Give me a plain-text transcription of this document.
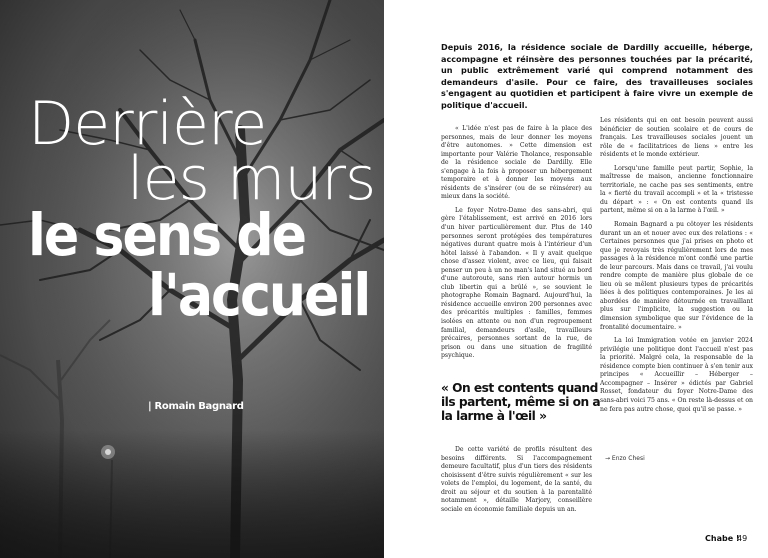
Derrière
les murs
le sens de
l'accueil
| Romain Bagnard
Depuis 2016, la résidence sociale de Dardilly accueille, héberge, accompagne et réinsère des personnes touchées par la précarité, un public extrêmement varié qui comprend notamment des demandeurs d'asile. Pour ce faire, des travailleuses sociales s'engagent au quotidien et participent à faire vivre un exemple de politique d'accueil.

« L'idée n'est pas de faire à la place des personnes, mais de leur donner les moyens d'être autonomes. » Cette dimension est importante pour Valérie Tholance, responsable de la résidence sociale de Dardilly. Elle s'engage à la fois à proposer un hébergement temporaire et à donner les moyens aux résidents de s'insérer (ou de se réinsérer) au mieux dans la société.

Le foyer Notre-Dame des sans-abri, qui gère l'établissement, est arrivé en 2016 lors d'un hiver particulièrement dur. Plus de 140 personnes seront protégées des températures négatives durant quatre mois à l'intérieur d'un hôtel laissé à l'abandon. « Il y avait quelque chose d'assez violent, avec ce lieu, qui faisait penser un peu à un no man's land situé au bord d'une autoroute, sans rien autour hormis un club libertin qui a brûlé », se souvient le photographe Romain Bagnard. Aujourd'hui, la résidence accueille environ 200 personnes avec des précarités multiples : familles, femmes isolées en attente ou non d'un regroupement familial, demandeurs d'asile, travailleurs précaires, personnes sortant de la rue, de prison ou dans une situation de fragilité psychique.

« On est contents quand ils partent, même si on a la larme à l'œil »

De cette variété de profils résultent des besoins différents. Si l'accompagnement demeure facultatif, plus d'un tiers des résidents choisissent d'être suivis régulièrement « sur les volets de l'emploi, du logement, de la santé, du droit au séjour et du soutien à la parentalité notamment », détaille Marjory, conseillère sociale en économie familiale depuis un an.

Les résidents qui en ont besoin peuvent aussi bénéficier de soutien scolaire et de cours de français. Les travailleuses sociales jouent un rôle de « facilitatrices de liens » entre les résidents et le monde extérieur.

Lorsqu'une famille peut partir, Sophie, la maîtresse de maison, ancienne fonctionnaire territoriale, ne cache pas ses sentiments, entre la « fierté du travail accompli » et la « tristesse du départ » : « On est contents quand ils partent, même si on a la larme à l'œil. »

Romain Bagnard a pu côtoyer les résidents durant un an et nouer avec eux des relations : « Certaines personnes que j'ai prises en photo et que je revoyais très régulièrement lors de mes passages à la résidence m'ont confié une partie de leur parcours. Mais dans ce travail, j'ai voulu rendre compte de manière plus globale de ce lieu où se mêlent plusieurs types de précarités liées à des politiques contemporaines. Je les ai abordées de manière détournée en travaillant plus sur l'implicite, la suggestion ou la dimension symbolique que sur l'évidence de la frontalité documentaire. »

La loi Immigration votée en janvier 2024 privilégie une politique dont l'accueil n'est pas la priorité. Malgré cela, la responsable de la résidence compte bien continuer à s'en tenir aux principes « Accueillir – Héberger – Accompagner – Insérer » édictés par Gabriel Rosset, fondateur du foyer Notre-Dame des sans-abri voici 75 ans. « On reste là-dessus et on ne fera pas autre chose, quoi qu'il se passe. »

→ Enzo Chesi
Chabe !
49
